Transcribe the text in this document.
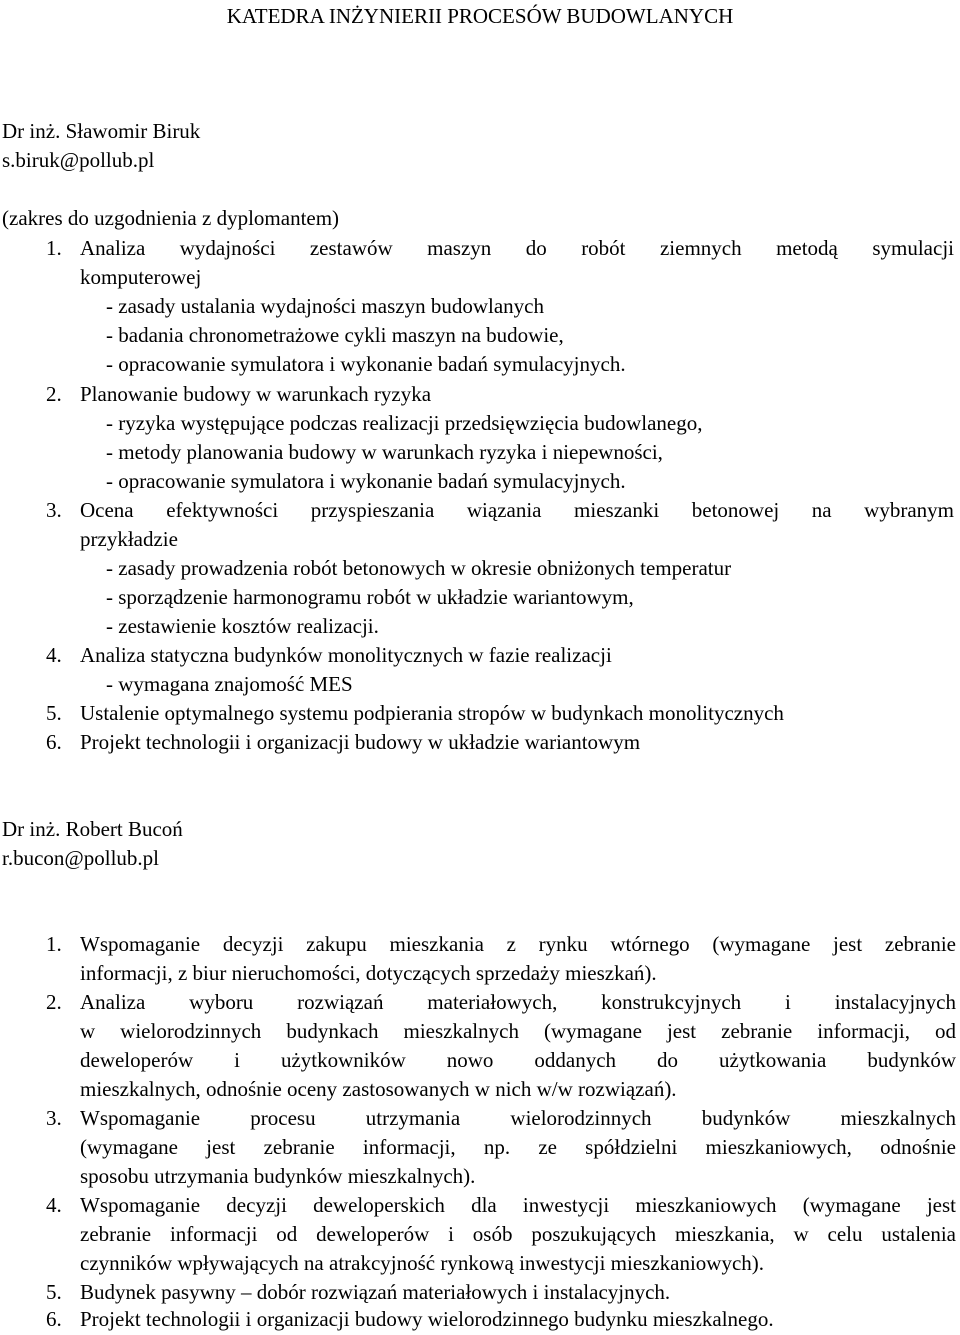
KATEDRA INŻYNIERII PROCESÓW BUDOWLANYCH
Dr inż. Sławomir Biruk
s.biruk@pollub.pl
(zakres do uzgodnienia z dyplomantem)
1. Analiza wydajności zestawów maszyn do robót ziemnych metodą symulacji
komputerowej
- zasady ustalania wydajności maszyn budowlanych
- badania chronometrażowe cykli maszyn na budowie,
- opracowanie symulatora i wykonanie badań symulacyjnych.
2. Planowanie budowy w warunkach ryzyka
- ryzyka występujące podczas realizacji przedsięwzięcia budowlanego,
- metody planowania budowy w warunkach ryzyka i niepewności,
- opracowanie symulatora i wykonanie badań symulacyjnych.
3. Ocena efektywności przyspieszania wiązania mieszanki betonowej na wybranym
przykładzie
- zasady prowadzenia robót betonowych w okresie obniżonych temperatur
- sporządzenie harmonogramu robót w układzie wariantowym,
- zestawienie kosztów realizacji.
4. Analiza statyczna budynków monolitycznych w fazie realizacji
- wymagana znajomość MES
5. Ustalenie optymalnego systemu podpierania stropów w budynkach monolitycznych
6. Projekt technologii i organizacji budowy w układzie wariantowym
Dr inż. Robert Bucoń
r.bucon@pollub.pl
1. Wspomaganie decyzji zakupu mieszkania z rynku wtórnego (wymagane jest zebranie
informacji, z biur nieruchomości, dotyczących sprzedaży mieszkań).
2. Analiza wyboru rozwiązań materiałowych, konstrukcyjnych i instalacyjnych
w wielorodzinnych budynkach mieszkalnych (wymagane jest zebranie informacji, od
deweloperów i użytkowników nowo oddanych do użytkowania budynków
mieszkalnych, odnośnie oceny zastosowanych w nich w/w rozwiązań).
3. Wspomaganie procesu utrzymania wielorodzinnych budynków mieszkalnych
(wymagane jest zebranie informacji, np. ze spółdzielni mieszkaniowych, odnośnie
sposobu utrzymania budynków mieszkalnych).
4. Wspomaganie decyzji deweloperskich dla inwestycji mieszkaniowych (wymagane jest
zebranie informacji od deweloperów i osób poszukujących mieszkania, w celu ustalenia
czynników wpływających na atrakcyjność rynkową inwestycji mieszkaniowych).
5. Budynek pasywny – dobór rozwiązań materiałowych i instalacyjnych.
6. Projekt technologii i organizacji budowy wielorodzinnego budynku mieszkalnego.
